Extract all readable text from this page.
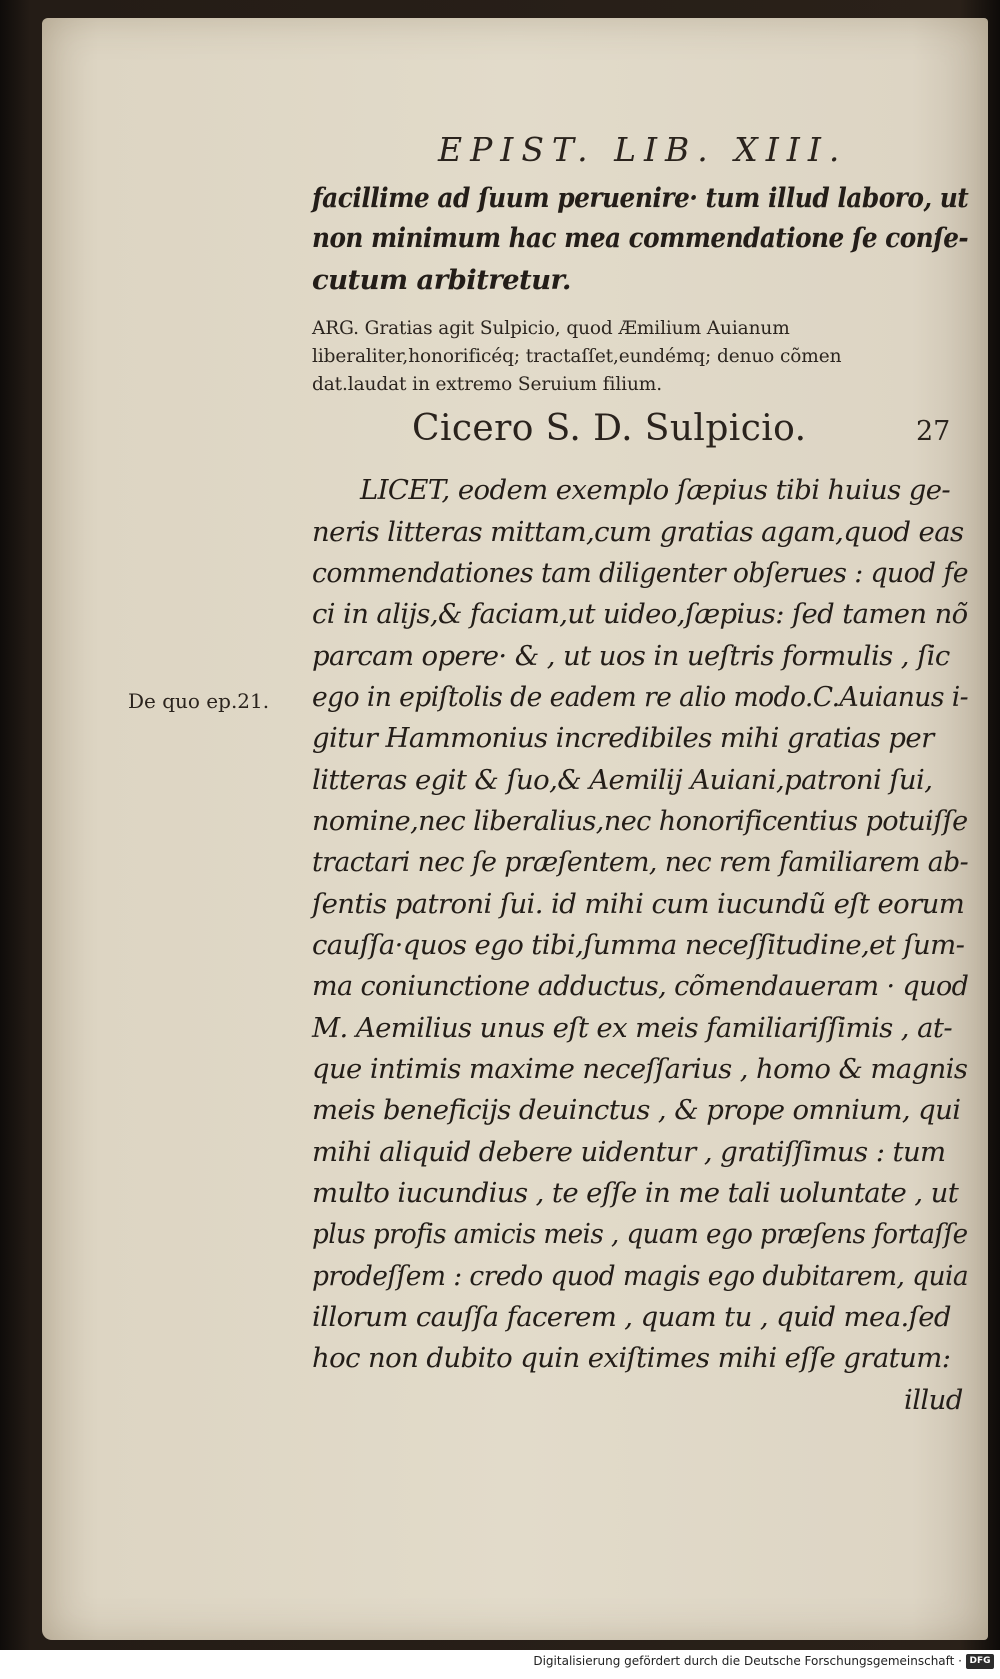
EPIST. LIB. XIII.
facillime ad ſuum peruenire· tum illud laboro, ut
non minimum hac mea commendatione ſe conſe-
cutum arbitretur.
ARG. Gratias agit Sulpicio, quod Æmilium Auianum
liberaliter,honorificéq; tractaſſet,eundémq; denuo cõmen
dat.laudat in extremo Seruium filium.
Cicero S. D. Sulpicio.	27
De quo ep.21.
LICET, eodem exemplo ſæpius tibi huius ge-
neris litteras mittam,cum gratias agam,quod eas
commendationes tam diligenter obſerues : quod fe
ci in alijs,& faciam,ut uideo,ſæpius: ſed tamen nõ
parcam opere· & , ut uos in ueſtris formulis , ſic
ego in epiſtolis de eadem re alio modo.C.Auianus i-
gitur Hammonius incredibiles mihi gratias per
litteras egit & ſuo,& Aemilij Auiani,patroni ſui,
nomine,nec liberalius,nec honorificentius potuiſſe
tractari nec ſe præſentem, nec rem familiarem ab-
ſentis patroni ſui. id mihi cum iucundũ eſt eorum
cauſſa·quos ego tibi,ſumma neceſſitudine,et ſum-
ma coniunctione adductus, cõmendaueram · quod
M. Aemilius unus eſt ex meis familiariſſimis , at-
que intimis maxime neceſſarius , homo & magnis
meis beneficijs deuinctus , & prope omnium, qui
mihi aliquid debere uidentur , gratiſſimus : tum
multo iucundius , te eſſe in me tali uoluntate , ut
plus profis amicis meis , quam ego præſens fortaſſe
prodeſſem : credo quod magis ego dubitarem, quia
illorum cauſſa facerem , quam tu , quid mea.ſed
hoc non dubito quin exiſtimes mihi eſſe gratum:
illud
Digitalisierung gefördert durch die Deutsche Forschungsgemeinschaft · DFG
